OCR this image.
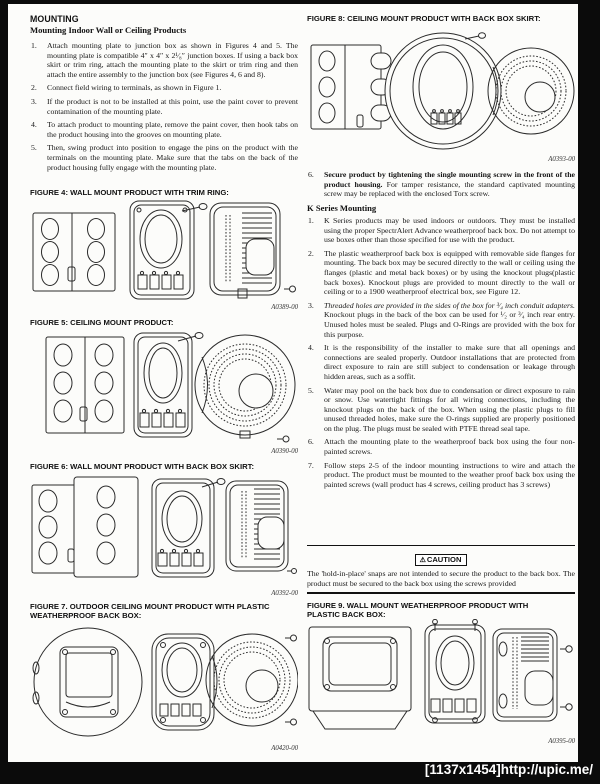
MOUNTING
Mounting Indoor Wall or Ceiling Products
1. Attach mounting plate to junction box as shown in Figures 4 and 5. The mounting plate is compatible 4″ x 4″ x 2¹⁄₈″ junction boxes. If using a back box skirt or trim ring, attach the mounting plate to the skirt or trim ring and then attach the entire assembly to the junction box (see Figures 4, 6 and 8).
2. Connect field wiring to terminals, as shown in Figure 1.
3. If the product is not to be installed at this point, use the paint cover to prevent contamination of the mounting plate.
4. To attach product to mounting plate, remove the paint cover, then hook tabs on the product housing into the grooves on mounting plate.
5. Then, swing product into position to engage the pins on the product with the terminals on the mounting plate. Make sure that the tabs on the back of the product housing fully engage with the mounting plate.
FIGURE 4: WALL MOUNT PRODUCT WITH TRIM RING:
A0389-00
FIGURE 5: CEILING MOUNT PRODUCT:
A0390-00
FIGURE 6: WALL MOUNT PRODUCT WITH BACK BOX SKIRT:
A0392-00
FIGURE 7. OUTDOOR CEILING MOUNT PRODUCT WITH PLASTIC WEATHERPROOF BACK BOX:
A0420-00
FIGURE 8: CEILING MOUNT PRODUCT WITH BACK BOX SKIRT:
A0393-00
6. Secure product by tightening the single mounting screw in the front of the product housing. For tamper resistance, the standard captivated mounting screw may be replaced with the enclosed Torx screw.
K Series Mounting
1. K Series products may be used indoors or outdoors. They must be installed using the proper SpectrAlert Advance weatherproof back box. Do not attempt to use boxes other than those specified for use with the product.
2. The plastic weatherproof back box is equipped with removable side flanges for mounting. The back box may be secured directly to the wall or ceiling using the flanges (plastic and metal back boxes) or by using the knockout plugs(plastic back boxes). Knockout plugs are provided to mount directly to the wall or ceiling or to a 1900 weatherproof electrical box, see Figure 12.
3. Threaded holes are provided in the sides of the box for ³⁄₄ inch conduit adapters. Knockout plugs in the back of the box can be used for ¹⁄₂ or ³⁄₄ inch rear entry. Unused holes must be sealed. Plugs and O-Rings are provided with the box for this purpose.
4. It is the responsibility of the installer to make sure that all openings and connections are sealed properly. Outdoor installations that are protected from direct exposure to rain are still subject to condensation or leakage through hidden areas, such as a soffit.
5. Water may pool on the back box due to condensation or direct exposure to rain or snow. Use watertight fittings for all wiring connections, including the knockout plugs on the back of the box. When using the plastic plugs to fill unused threaded holes, make sure the O-rings supplied are properly positioned on the plug. The plugs must be sealed with PTFE thread seal tape.
6. Attach the mounting plate to the weatherproof back box using the four non-painted screws.
7. Follow steps 2-5 of the indoor mounting instructions to wire and attach the product. The product must be mounted to the weather proof back box using the painted screws (wall product has 4 screws, ceiling product has 3 screws)
⚠CAUTION
The 'hold-in-place' snaps are not intended to secure the product to the back box. The product must be secured to the back box using the screws provided
FIGURE 9. WALL MOUNT WEATHERPROOF PRODUCT WITH PLASTIC BACK BOX:
A0395-00
[1137x1454]http://upic.me/
